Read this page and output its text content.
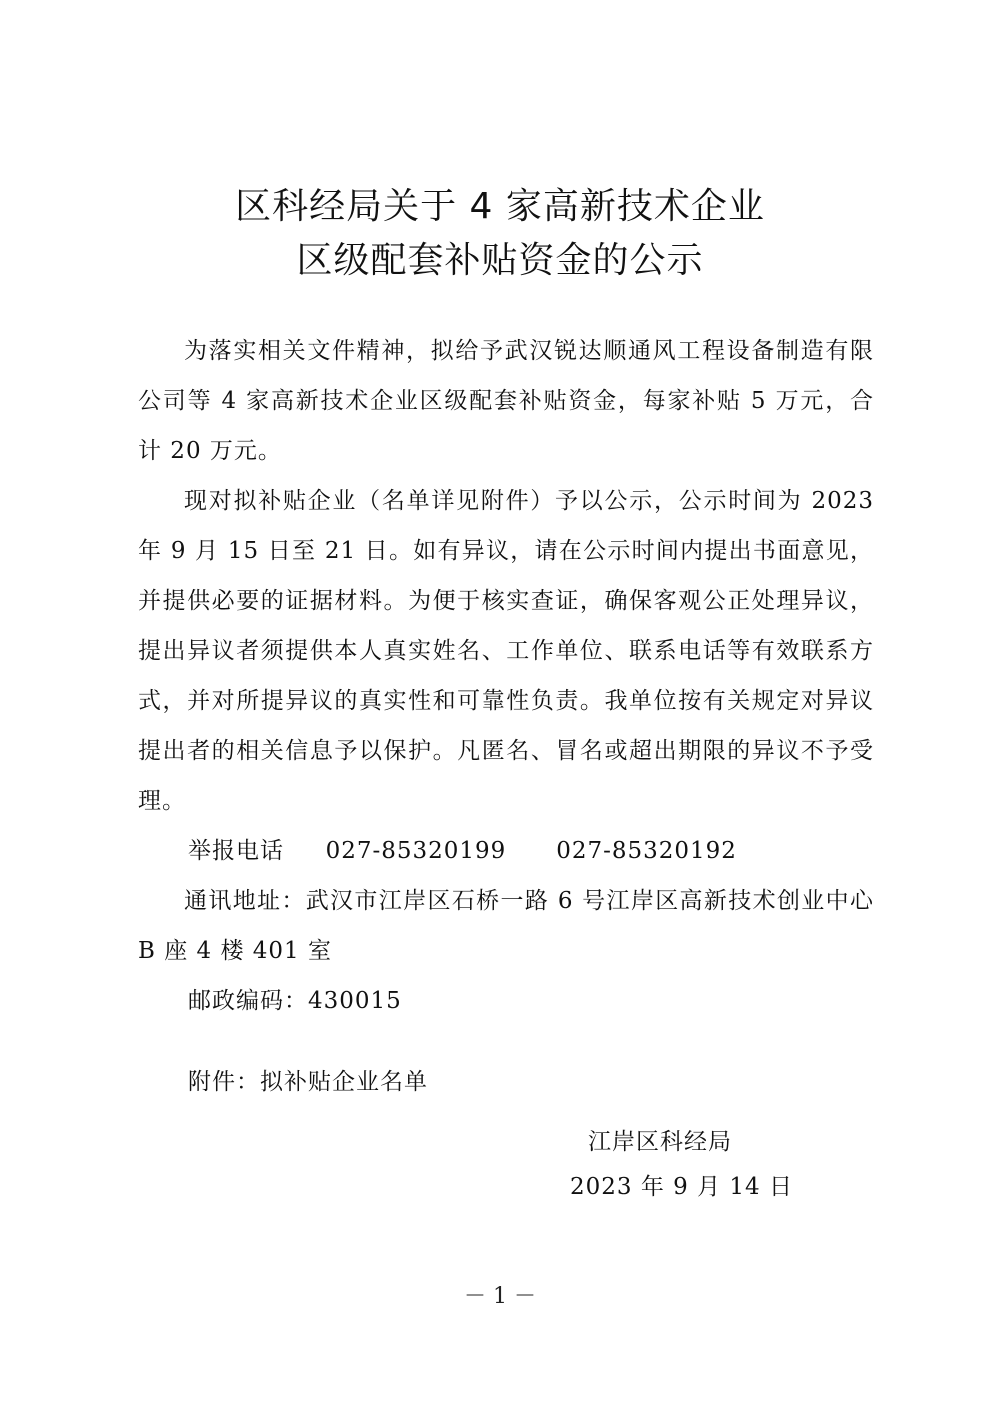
区科经局关于 4 家高新技术企业
区级配套补贴资金的公示

为落实相关文件精神，拟给予武汉锐达顺通风工程设备制造有限公司等 4 家高新技术企业区级配套补贴资金，每家补贴 5 万元，合计 20 万元。

现对拟补贴企业（名单详见附件）予以公示，公示时间为 2023 年 9 月 15 日至 21 日。如有异议，请在公示时间内提出书面意见，并提供必要的证据材料。为便于核实查证，确保客观公正处理异议，提出异议者须提供本人真实姓名、工作单位、联系电话等有效联系方式，并对所提异议的真实性和可靠性负责。我单位按有关规定对异议提出者的相关信息予以保护。凡匿名、冒名或超出期限的异议不予受理。

举报电话 027-85320199 027-85320192

通讯地址：武汉市江岸区石桥一路 6 号江岸区高新技术创业中心 B 座 4 楼 401 室

邮政编码：430015

附件：拟补贴企业名单
江岸区科经局
2023 年 9 月 14 日
－ 1 －
